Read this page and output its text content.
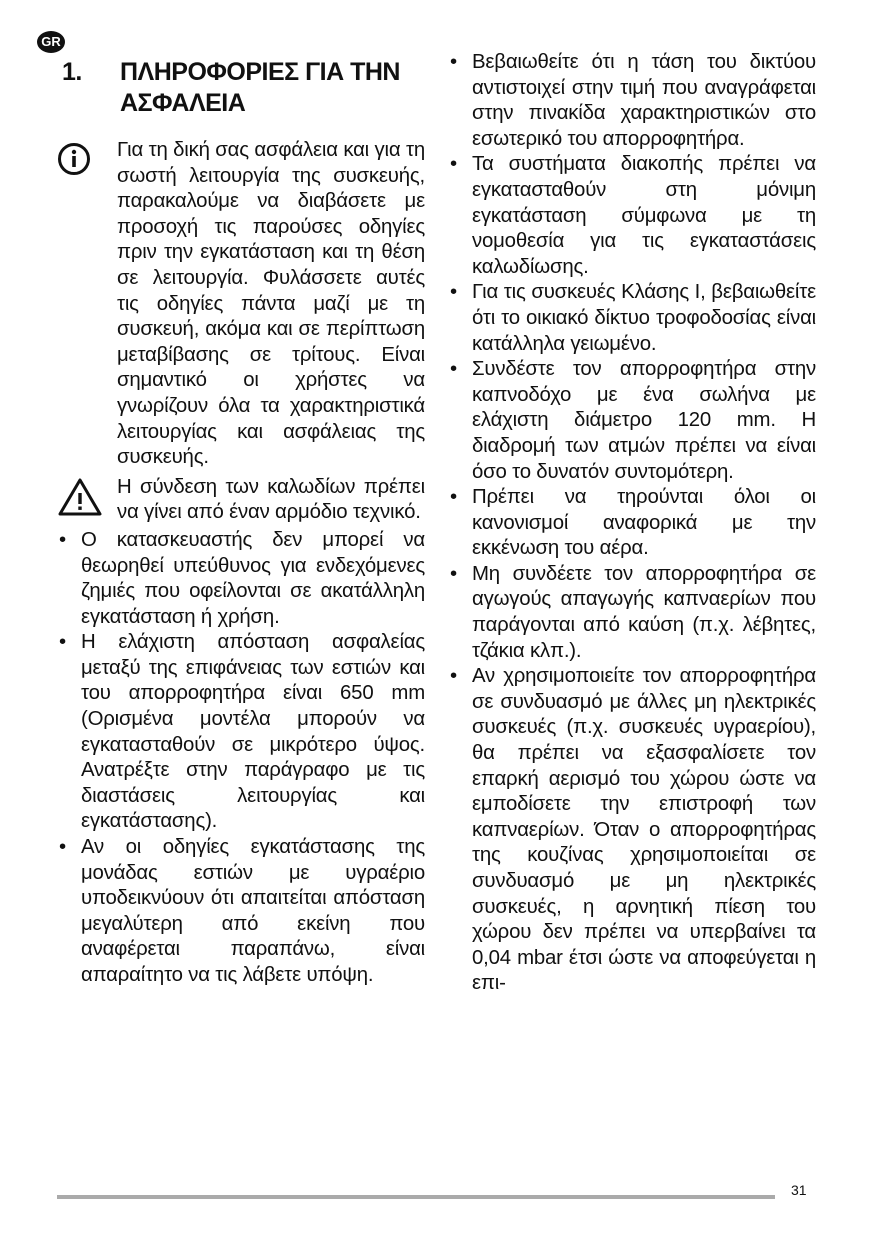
GR
1.	ΠΛΗΡΟΦΟΡΙΕΣ ΓΙΑ ΤΗΝ ΑΣΦΑΛΕΙΑ

Για τη δική σας ασφάλεια και για τη σωστή λειτουργία της συσκευής, παρακαλούμε να διαβάσετε με προσοχή τις παρούσες οδηγίες πριν την εγκατάσταση και τη θέση σε λειτουργία. Φυλάσσετε αυτές τις οδηγίες πάντα μαζί με τη συσκευή, ακόμα και σε περίπτωση μεταβίβασης σε τρίτους. Είναι σημαντικό οι χρήστες να γνωρίζουν όλα τα χαρακτηριστικά λειτουργίας και ασφάλειας της συσκευής.

Η σύνδεση των καλωδίων πρέπει να γίνει από έναν αρμόδιο τεχνικό.

• Ο κατασκευαστής δεν μπορεί να θεωρηθεί υπεύθυνος για ενδεχόμενες ζημιές που οφείλονται σε ακατάλληλη εγκατάσταση ή χρήση.
• Η ελάχιστη απόσταση ασφαλείας μεταξύ της επιφάνειας των εστιών και του απορροφητήρα είναι 650 mm (Ορισμένα μοντέλα μπορούν να εγκατασταθούν σε μικρότερο ύψος. Ανατρέξτε στην παράγραφο με τις διαστάσεις λειτουργίας και εγκατάστασης).
• Αν οι οδηγίες εγκατάστασης της μονάδας εστιών με υγραέριο υποδεικνύουν ότι απαιτείται απόσταση μεγαλύτερη από εκείνη που αναφέρεται παραπάνω, είναι απαραίτητο να τις λάβετε υπόψη.
• Βεβαιωθείτε ότι η τάση του δικτύου αντιστοιχεί στην τιμή που αναγράφεται στην πινακίδα χαρακτηριστικών στο εσωτερικό του απορροφητήρα.
• Τα συστήματα διακοπής πρέπει να εγκατασταθούν στη μόνιμη εγκατάσταση σύμφωνα με τη νομοθεσία για τις εγκαταστάσεις καλωδίωσης.
• Για τις συσκευές Κλάσης Ι, βεβαιωθείτε ότι το οικιακό δίκτυο τροφοδοσίας είναι κατάλληλα γειωμένο.
• Συνδέστε τον απορροφητήρα στην καπνοδόχο με ένα σωλήνα με ελάχιστη διάμετρο 120 mm. Η διαδρομή των ατμών πρέπει να είναι όσο το δυνατόν συντομότερη.
• Πρέπει να τηρούνται όλοι οι κανονισμοί αναφορικά με την εκκένωση του αέρα.
• Μη συνδέετε τον απορροφητήρα σε αγωγούς απαγωγής καπναερίων που παράγονται από καύση (π.χ. λέβητες, τζάκια κλπ.).
• Αν χρησιμοποιείτε τον απορροφητήρα σε συνδυασμό με άλλες μη ηλεκτρικές συσκευές (π.χ. συσκευές υγραερίου), θα πρέπει να εξασφαλίσετε τον επαρκή αερισμό του χώρου ώστε να εμποδίσετε την επιστροφή των καπναερίων. Όταν ο απορροφητήρας της κουζίνας χρησιμοποιείται σε συνδυασμό με μη ηλεκτρικές συσκευές, η αρνητική πίεση του χώρου δεν πρέπει να υπερβαίνει τα 0,04 mbar έτσι ώστε να αποφεύγεται η επι-
31
